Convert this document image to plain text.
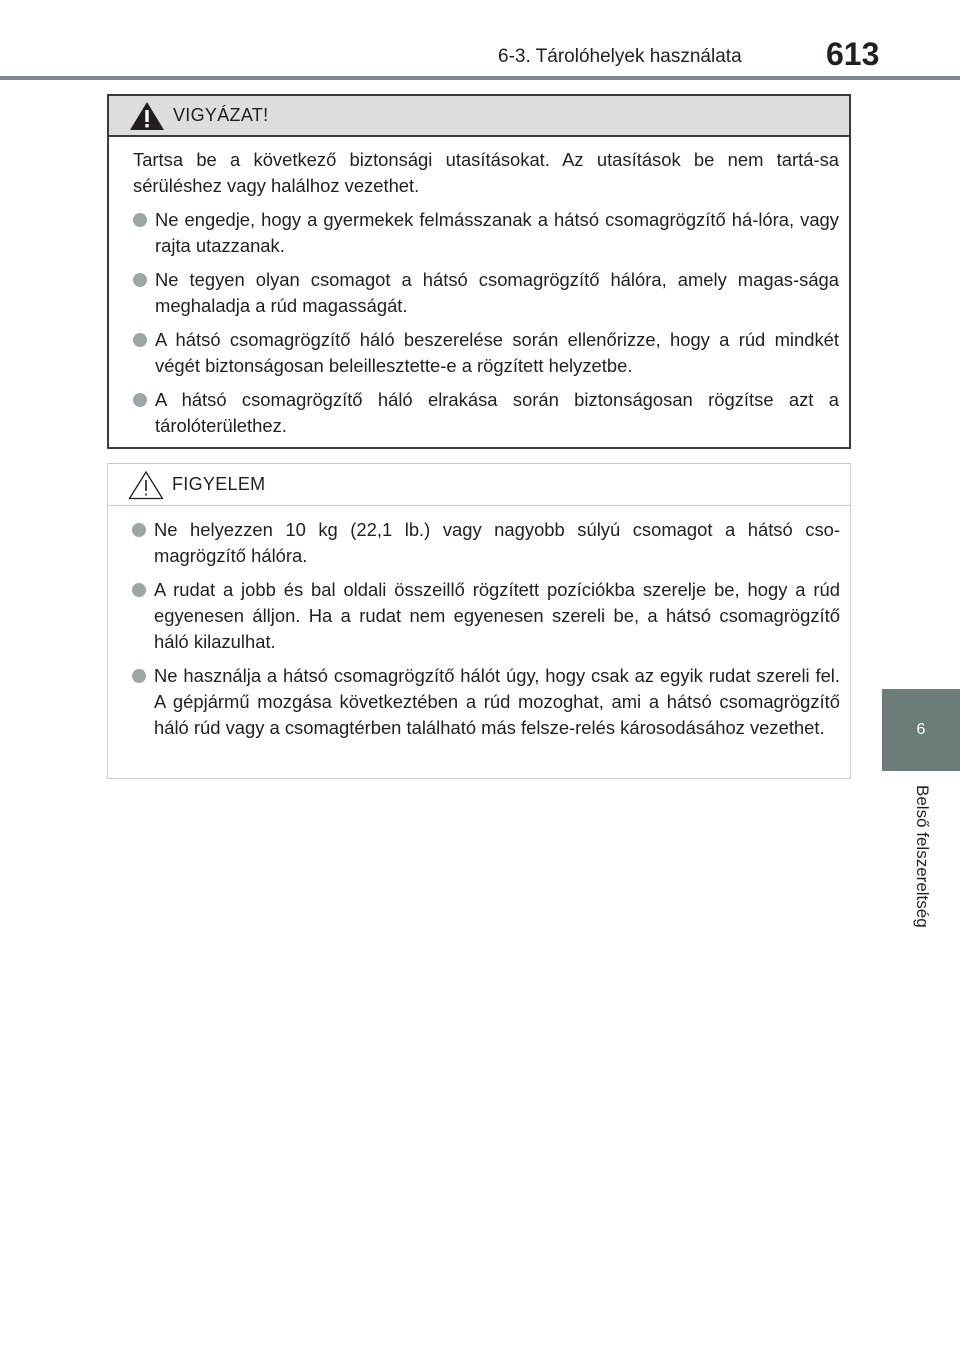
6-3. Tárolóhelyek használata	613
6
Belső felszereltség
VIGYÁZAT!

Tartsa be a következő biztonsági utasításokat. Az utasítások be nem tartá-sa sérüléshez vagy halálhoz vezethet.

Ne engedje, hogy a gyermekek felmásszanak a hátsó csomagrögzítő há-lóra, vagy rajta utazzanak.
Ne tegyen olyan csomagot a hátsó csomagrögzítő hálóra, amely magas-sága meghaladja a rúd magasságát.
A hátsó csomagrögzítő háló beszerelése során ellenőrizze, hogy a rúd mindkét végét biztonságosan beleillesztette-e a rögzített helyzetbe.
A hátsó csomagrögzítő háló elrakása során biztonságosan rögzítse azt a tárolóterülethez.
FIGYELEM
Ne helyezzen 10 kg (22,1 lb.) vagy nagyobb súlyú csomagot a hátsó cso-magrögzítő hálóra.
A rudat a jobb és bal oldali összeillő rögzített pozíciókba szerelje be, hogy a rúd egyenesen álljon. Ha a rudat nem egyenesen szereli be, a hátsó csomagrögzítő háló kilazulhat.
Ne használja a hátsó csomagrögzítő hálót úgy, hogy csak az egyik rudat szereli fel. A gépjármű mozgása következtében a rúd mozoghat, ami a hátsó csomagrögzítő háló rúd vagy a csomagtérben található más felsze-relés károsodásához vezethet.
